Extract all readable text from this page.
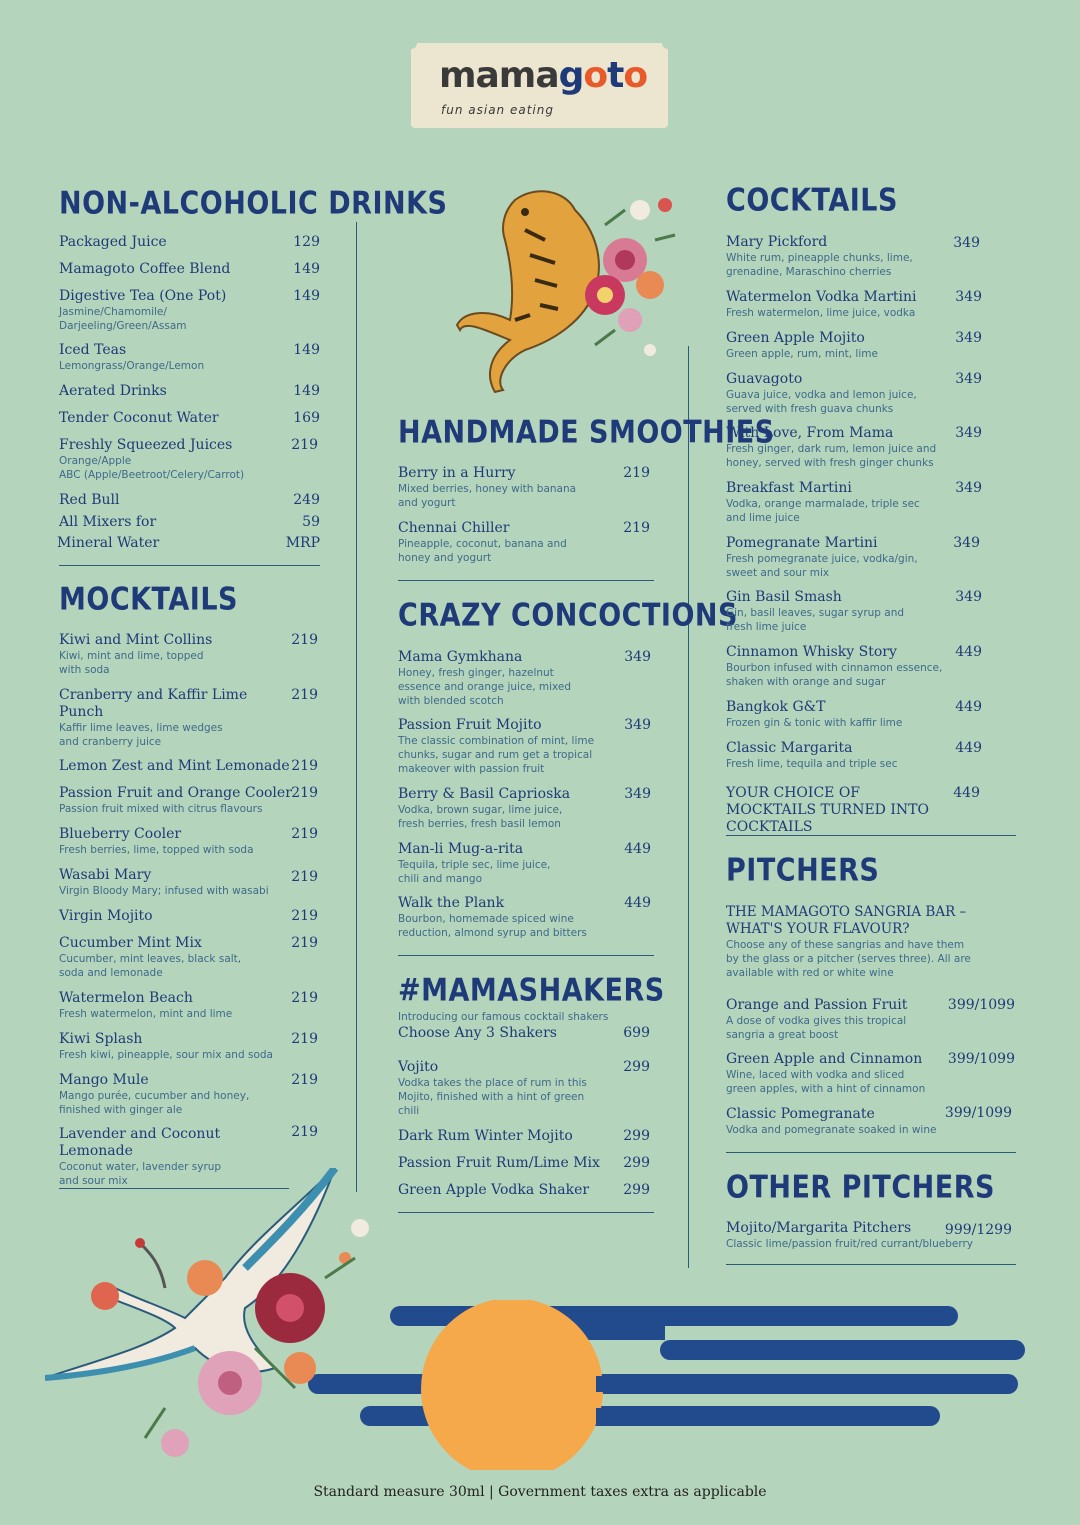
mamagoto
fun asian eating
NON-ALCOHOLIC DRINKS
Packaged Juice	129
Mamagoto Coffee Blend	149
Digestive Tea (One Pot)
Jasmine/Chamomile/ Darjeeling/Green/Assam
149
Iced Teas
Lemongrass/Orange/Lemon
149
Aerated Drinks	149
Tender Coconut Water	169
Freshly Squeezed Juices
Orange/Apple
ABC (Apple/Beetroot/Celery/Carrot)
219
Red Bull	249
All Mixers for	59
Mineral Water	MRP
MOCKTAILS
Kiwi and Mint Collins
Kiwi, mint and lime, topped with soda
219
Cranberry and Kaffir Lime Punch
Kaffir lime leaves, lime wedges and cranberry juice
219
Lemon Zest and Mint Lemonade 219
Passion Fruit and Orange Cooler
Passion fruit mixed with citrus flavours
219
Blueberry Cooler
Fresh berries, lime, topped with soda
219
Wasabi Mary
Virgin Bloody Mary; infused with wasabi
219
Virgin Mojito	219
Cucumber Mint Mix
Cucumber, mint leaves, black salt, soda and lemonade
219
Watermelon Beach
Fresh watermelon, mint and lime
219
Kiwi Splash
Fresh kiwi, pineapple, sour mix and soda
219
Mango Mule
Mango purée, cucumber and honey, finished with ginger ale
219
Lavender and Coconut Lemonade
Coconut water, lavender syrup and sour mix
219
HANDMADE SMOOTHIES
Berry in a Hurry
Mixed berries, honey with banana and yogurt
219
Chennai Chiller
Pineapple, coconut, banana and honey and yogurt
219
CRAZY CONCOCTIONS
Mama Gymkhana
Honey, fresh ginger, hazelnut essence and orange juice, mixed with blended scotch
349
Passion Fruit Mojito
The classic combination of mint, lime chunks, sugar and rum get a tropical makeover with passion fruit
349
Berry & Basil Caprioska
Vodka, brown sugar, lime juice, fresh berries, fresh basil lemon
349
Man-li Mug-a-rita
Tequila, triple sec, lime juice, chili and mango
449
Walk the Plank
Bourbon, homemade spiced wine reduction, almond syrup and bitters
449
#MAMASHAKERS
Introducing our famous cocktail shakers
Choose Any 3 Shakers	699
Vojito
Vodka takes the place of rum in this Mojito, finished with a hint of green chili
299
Dark Rum Winter Mojito	299
Passion Fruit Rum/Lime Mix	299
Green Apple Vodka Shaker	299
COCKTAILS
Mary Pickford
White rum, pineapple chunks, lime, grenadine, Maraschino cherries
349
Watermelon Vodka Martini
Fresh watermelon, lime juice, vodka
349
Green Apple Mojito
Green apple, rum, mint, lime
349
Guavagoto
Guava juice, vodka and lemon juice, served with fresh guava chunks
349
With Love, From Mama
Fresh ginger, dark rum, lemon juice and honey, served with fresh ginger chunks
349
Breakfast Martini
Vodka, orange marmalade, triple sec and lime juice
349
Pomegranate Martini
Fresh pomegranate juice, vodka/gin, sweet and sour mix
349
Gin Basil Smash
Gin, basil leaves, sugar syrup and fresh lime juice
349
Cinnamon Whisky Story
Bourbon infused with cinnamon essence, shaken with orange and sugar
449
Bangkok G&T
Frozen gin & tonic with kaffir lime
449
Classic Margarita
Fresh lime, tequila and triple sec
449
YOUR CHOICE OF MOCKTAILS TURNED INTO COCKTAILS
449
PITCHERS
THE MAMAGOTO SANGRIA BAR – WHAT'S YOUR FLAVOUR?
Choose any of these sangrias and have them by the glass or a pitcher (serves three). All are available with red or white wine
Orange and Passion Fruit
A dose of vodka gives this tropical sangria a great boost
399/1099
Green Apple and Cinnamon
Wine, laced with vodka and sliced green apples, with a hint of cinnamon
399/1099
Classic Pomegranate
Vodka and pomegranate soaked in wine
399/1099
OTHER PITCHERS
Mojito/Margarita Pitchers
Classic lime/passion fruit/red currant/blueberry
999/1299
Standard measure 30ml | Government taxes extra as applicable
